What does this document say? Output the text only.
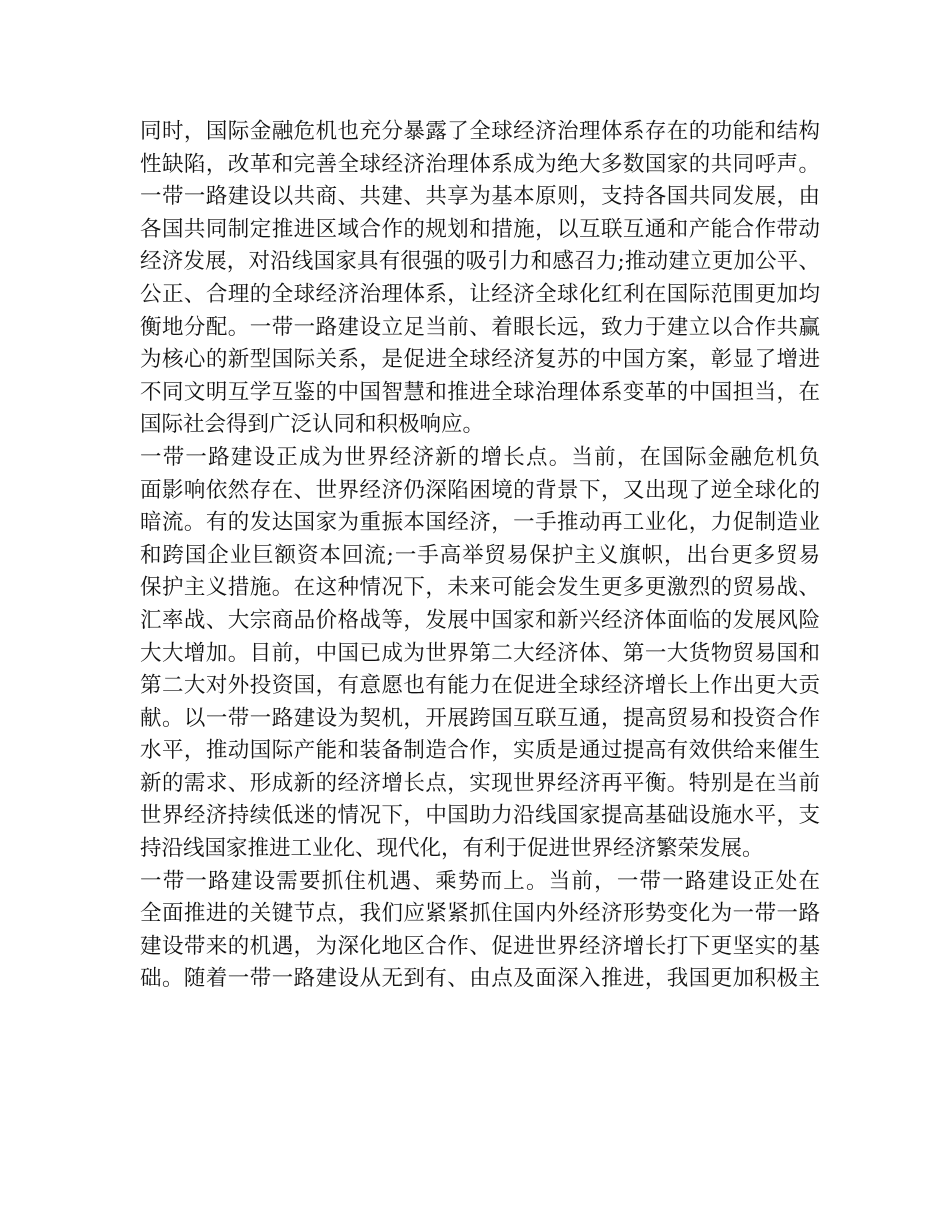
同时，国际金融危机也充分暴露了全球经济治理体系存在的功能和结构
性缺陷，改革和完善全球经济治理体系成为绝大多数国家的共同呼声。
一带一路建设以共商、共建、共享为基本原则，支持各国共同发展，由
各国共同制定推进区域合作的规划和措施，以互联互通和产能合作带动
经济发展，对沿线国家具有很强的吸引力和感召力;推动建立更加公平、
公正、合理的全球经济治理体系，让经济全球化红利在国际范围更加均
衡地分配。一带一路建设立足当前、着眼长远，致力于建立以合作共赢
为核心的新型国际关系，是促进全球经济复苏的中国方案，彰显了增进
不同文明互学互鉴的中国智慧和推进全球治理体系变革的中国担当，在
国际社会得到广泛认同和积极响应。
一带一路建设正成为世界经济新的增长点。当前，在国际金融危机负
面影响依然存在、世界经济仍深陷困境的背景下，又出现了逆全球化的
暗流。有的发达国家为重振本国经济，一手推动再工业化，力促制造业
和跨国企业巨额资本回流;一手高举贸易保护主义旗帜，出台更多贸易
保护主义措施。在这种情况下，未来可能会发生更多更激烈的贸易战、
汇率战、大宗商品价格战等，发展中国家和新兴经济体面临的发展风险
大大增加。目前，中国已成为世界第二大经济体、第一大货物贸易国和
第二大对外投资国，有意愿也有能力在促进全球经济增长上作出更大贡
献。以一带一路建设为契机，开展跨国互联互通，提高贸易和投资合作
水平，推动国际产能和装备制造合作，实质是通过提高有效供给来催生
新的需求、形成新的经济增长点，实现世界经济再平衡。特别是在当前
世界经济持续低迷的情况下，中国助力沿线国家提高基础设施水平，支
持沿线国家推进工业化、现代化，有利于促进世界经济繁荣发展。
一带一路建设需要抓住机遇、乘势而上。当前，一带一路建设正处在
全面推进的关键节点，我们应紧紧抓住国内外经济形势变化为一带一路
建设带来的机遇，为深化地区合作、促进世界经济增长打下更坚实的基
础。随着一带一路建设从无到有、由点及面深入推进，我国更加积极主
